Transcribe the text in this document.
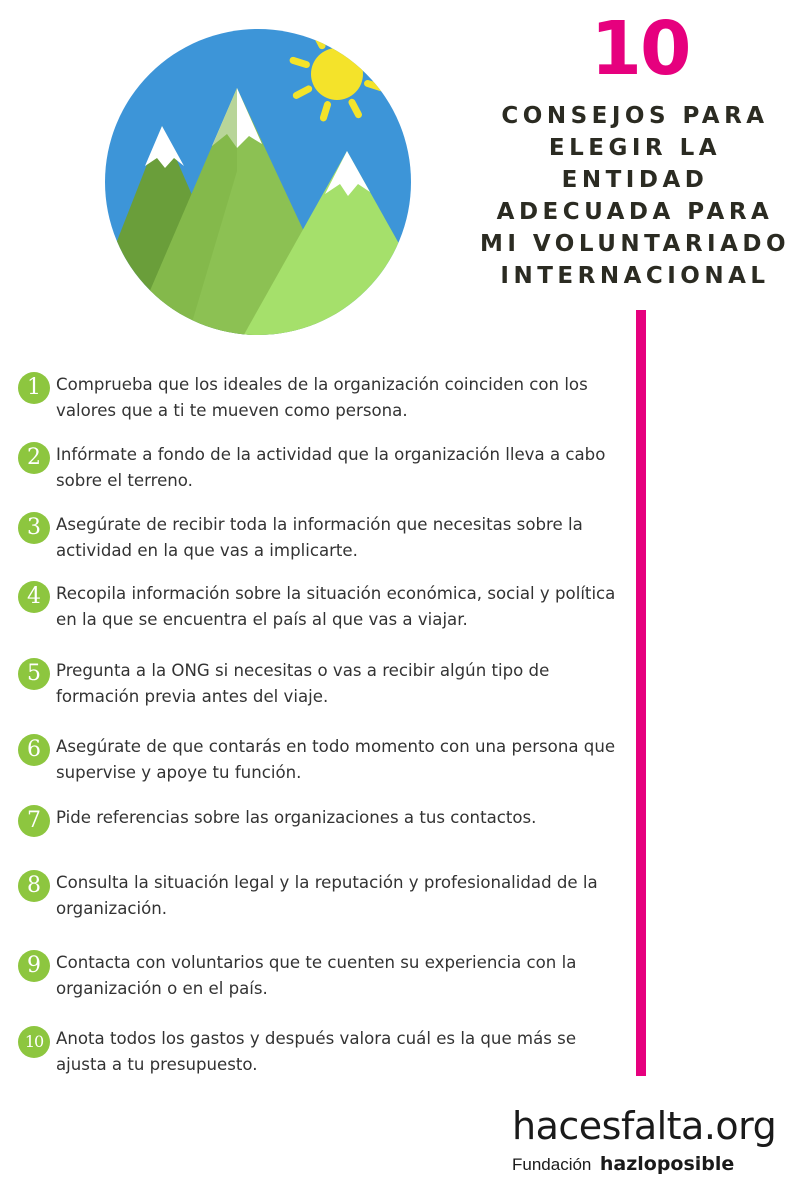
10
CONSEJOS PARA
ELEGIR LA
ENTIDAD
ADECUADA PARA
MI VOLUNTARIADO
INTERNACIONAL
1 Comprueba que los ideales de la organización coinciden con los valores que a ti te mueven como persona.
2 Infórmate a fondo de la actividad que la organización lleva a cabo sobre el terreno.
3 Asegúrate de recibir toda la información que necesitas sobre la actividad en la que vas a implicarte.
4 Recopila información sobre la situación económica, social y política en la que se encuentra el país al que vas a viajar.
5 Pregunta a la ONG si necesitas o vas a recibir algún tipo de formación previa antes del viaje.
6 Asegúrate de que contarás en todo momento con una persona que supervise y apoye tu función.
7 Pide referencias sobre las organizaciones a tus contactos.
8 Consulta la situación legal y la reputación y profesionalidad de la organización.
9 Contacta con voluntarios que te cuenten su experiencia con la organización o en el país.
10 Anota todos los gastos y después valora cuál es la que más se ajusta a tu presupuesto.
hacesfalta.org
Fundación hazloposible
